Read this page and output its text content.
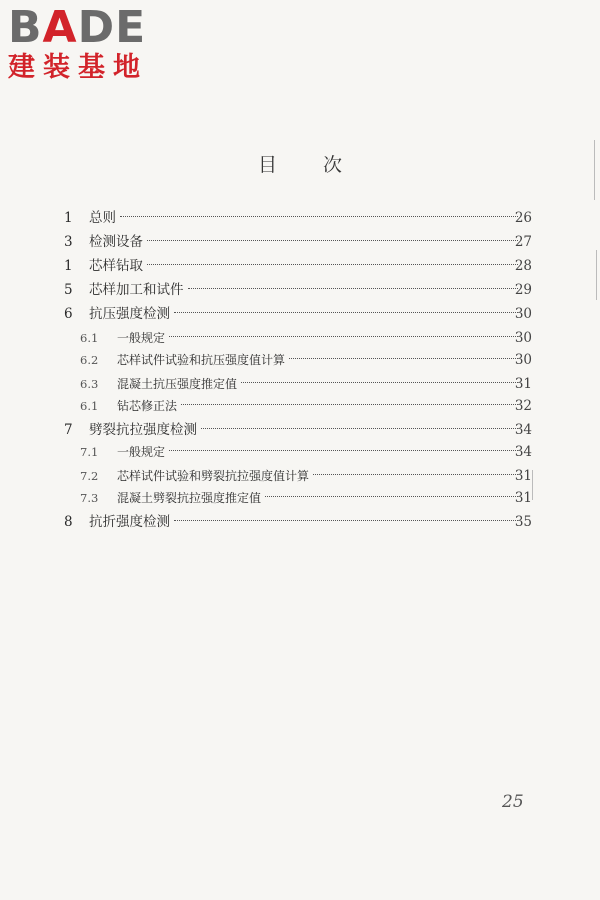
BADE
建装基地
目次
1 总则	26
3 检测设备	27
1 芯样钻取	28
5 芯样加工和试件	29
6 抗压强度检测	30
6.1 一般规定	30
6.2 芯样试件试验和抗压强度值计算	30
6.3 混凝土抗压强度推定值	31
6.1 钻芯修正法	32
7 劈裂抗拉强度检测	34
7.1 一般规定	34
7.2 芯样试件试验和劈裂抗拉强度值计算	31
7.3 混凝土劈裂抗拉强度推定值	31
8 抗折强度检测	35
25
